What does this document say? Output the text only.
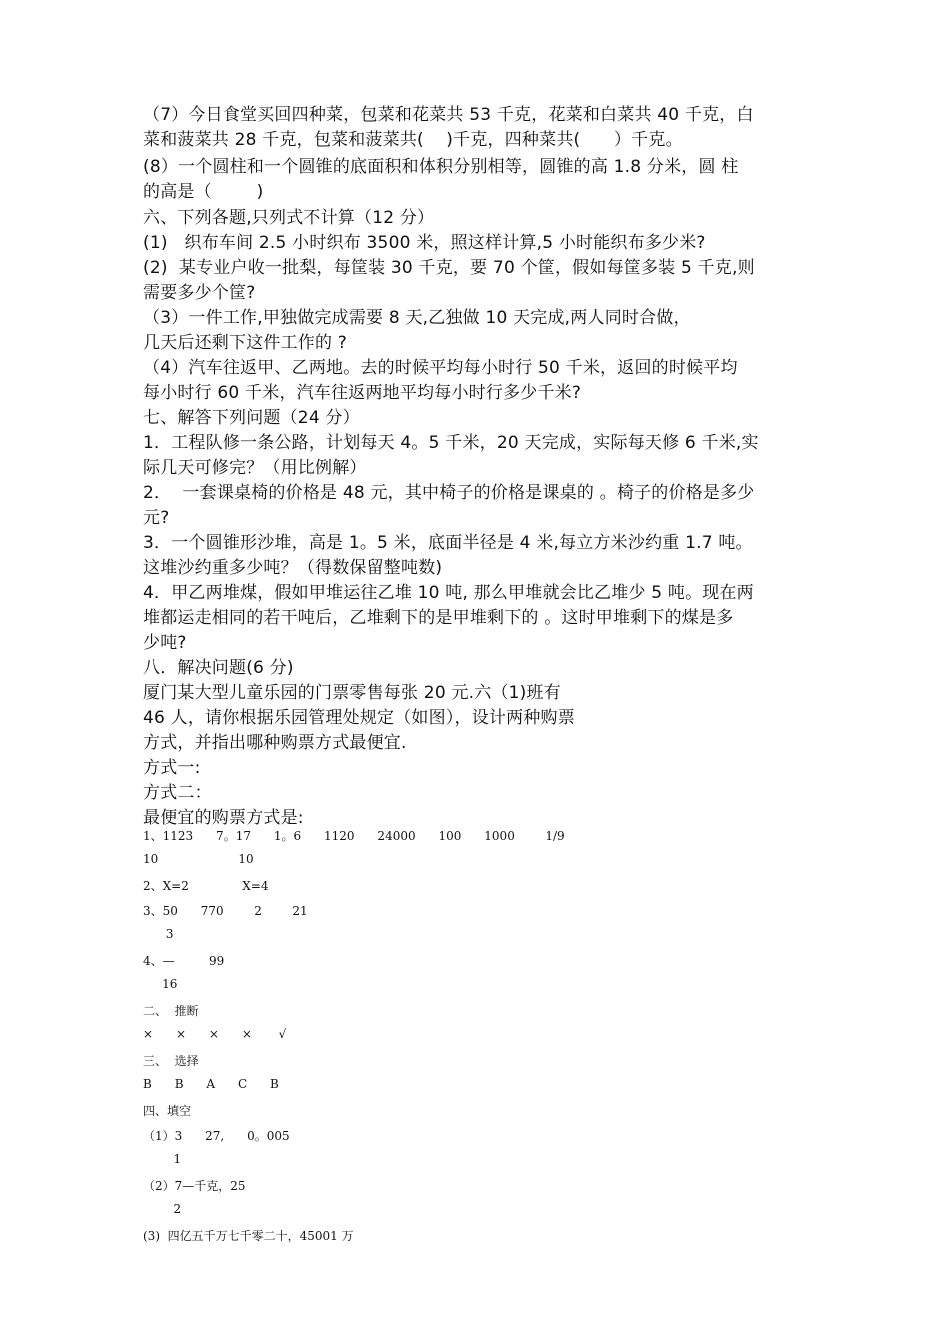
（7）今日食堂买回四种菜，包菜和花菜共 53 千克，花菜和白菜共 40 千克，白
菜和菠菜共 28 千克，包菜和菠菜共(    )千克，四种菜共(      ）千克。
(8）一个圆柱和一个圆锥的底面积和体积分别相等，圆锥的高 1.8 分米，圆 柱
的高是（        )
六、下列各题,只列式不计算（12 分）
(1)   织布车间 2.5 小时织布 3500 米，照这样计算,5 小时能织布多少米?
(2)  某专业户收一批梨，每筐装 30 千克，要 70 个筐，假如每筐多装 5 千克,则
需要多少个筐?
（3）一件工作,甲独做完成需要 8 天,乙独做 10 天完成,两人同时合做，
几天后还剩下这件工作的 ?
（4）汽车往返甲、乙两地。去的时候平均每小时行 50 千米，返回的时候平均
每小时行 60 千米，汽车往返两地平均每小时行多少千米?
七、解答下列问题（24 分）
1．工程队修一条公路，计划每天 4。5 千米，20 天完成，实际每天修 6 千米,实
际几天可修完？（用比例解）
2．  一套课桌椅的价格是 48 元，其中椅子的价格是课桌的 。椅子的价格是多少
元?
3．一个圆锥形沙堆，高是 1。5 米，底面半径是 4 米,每立方米沙约重 1.7 吨。
这堆沙约重多少吨？（得数保留整吨数)
4．甲乙两堆煤，假如甲堆运往乙堆 10 吨, 那么甲堆就会比乙堆少 5 吨。现在两
堆都运走相同的若干吨后，乙堆剩下的是甲堆剩下的 。这时甲堆剩下的煤是多
少吨?
八．解决问题(6 分)
厦门某大型儿童乐园的门票零售每张 20 元.六（1)班有
46 人，请你根据乐园管理处规定（如图），设计两种购票
方式，并指出哪种购票方式最便宜.
方式一:
方式二：
最便宜的购票方式是:
1、1123      7。17      1。6      1120      24000      100      1000        1/9
10                     10
2、X=2              X=4
3、50      770        2        21
3
4、—         99
16
二、  推断
×      ×      ×      ×       √
三、  选择
B      B      A      C      B
四、填空
（1）3      27,      0。005
1
（2）7—千克，25
2
(3)  四亿五千万七千零二十，45001 万
